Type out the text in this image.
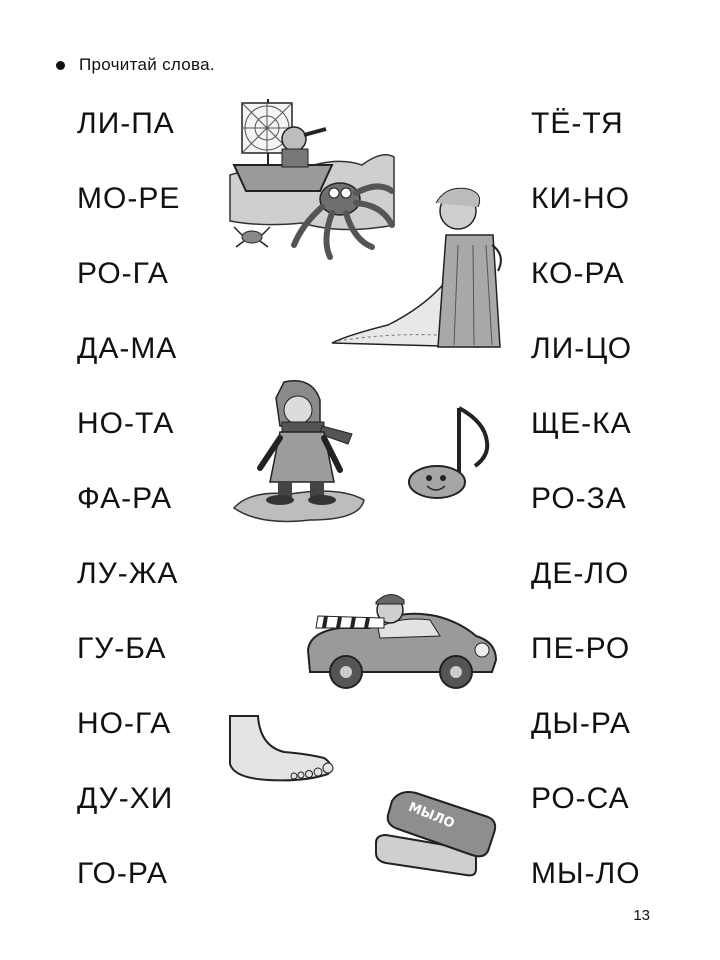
Прочитай слова.
ЛИ-ПА
МО-РЕ
РО-ГА
ДА-МА
НО-ТА
ФА-РА
ЛУ-ЖА
ГУ-БА
НО-ГА
ДУ-ХИ
ГО-РА
ТЁ-ТЯ
КИ-НО
КО-РА
ЛИ-ЦО
ЩЕ-КА
РО-ЗА
ДЕ-ЛО
ПЕ-РО
ДЫ-РА
РО-СА
МЫ-ЛО
МЫЛО
13
